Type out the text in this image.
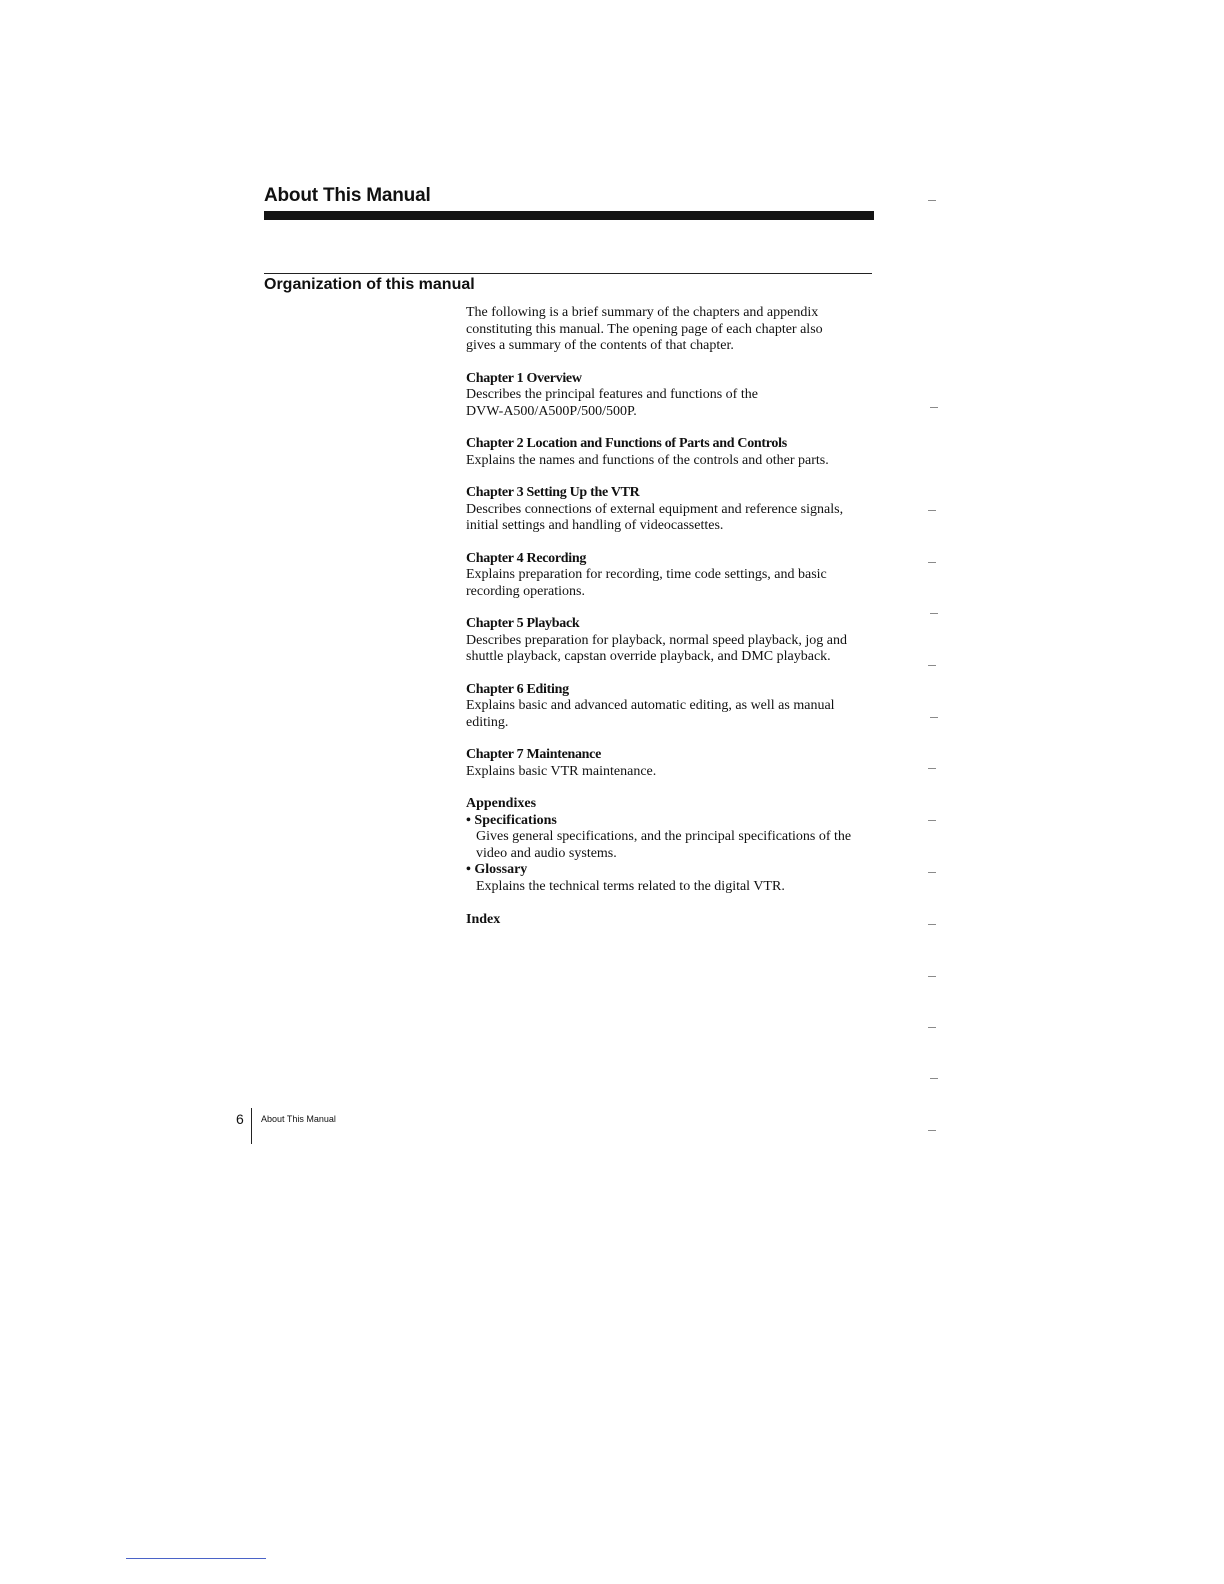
About This Manual
Organization of this manual

The following is a brief summary of the chapters and appendix

constituting this manual. The opening page of each chapter also

gives a summary of the contents of that chapter.

Chapter 1 Overview

Describes the principal features and functions of the

DVW-A500/A500P/500/500P.

Chapter 2 Location and Functions of Parts and Controls

Explains the names and functions of the controls and other parts.

Chapter 3 Setting Up the VTR

Describes connections of external equipment and reference signals,

initial settings and handling of videocassettes.

Chapter 4 Recording

Explains preparation for recording, time code settings, and basic

recording operations.

Chapter 5 Playback

Describes preparation for playback, normal speed playback, jog and

shuttle playback, capstan override playback, and DMC playback.

Chapter 6 Editing

Explains basic and advanced automatic editing, as well as manual

editing.

Chapter 7 Maintenance

Explains basic VTR maintenance.

Appendixes

• Specifications

Gives general specifications, and the principal specifications of the

video and audio systems.

• Glossary

Explains the technical terms related to the digital VTR.

Index

6 About This Manual
